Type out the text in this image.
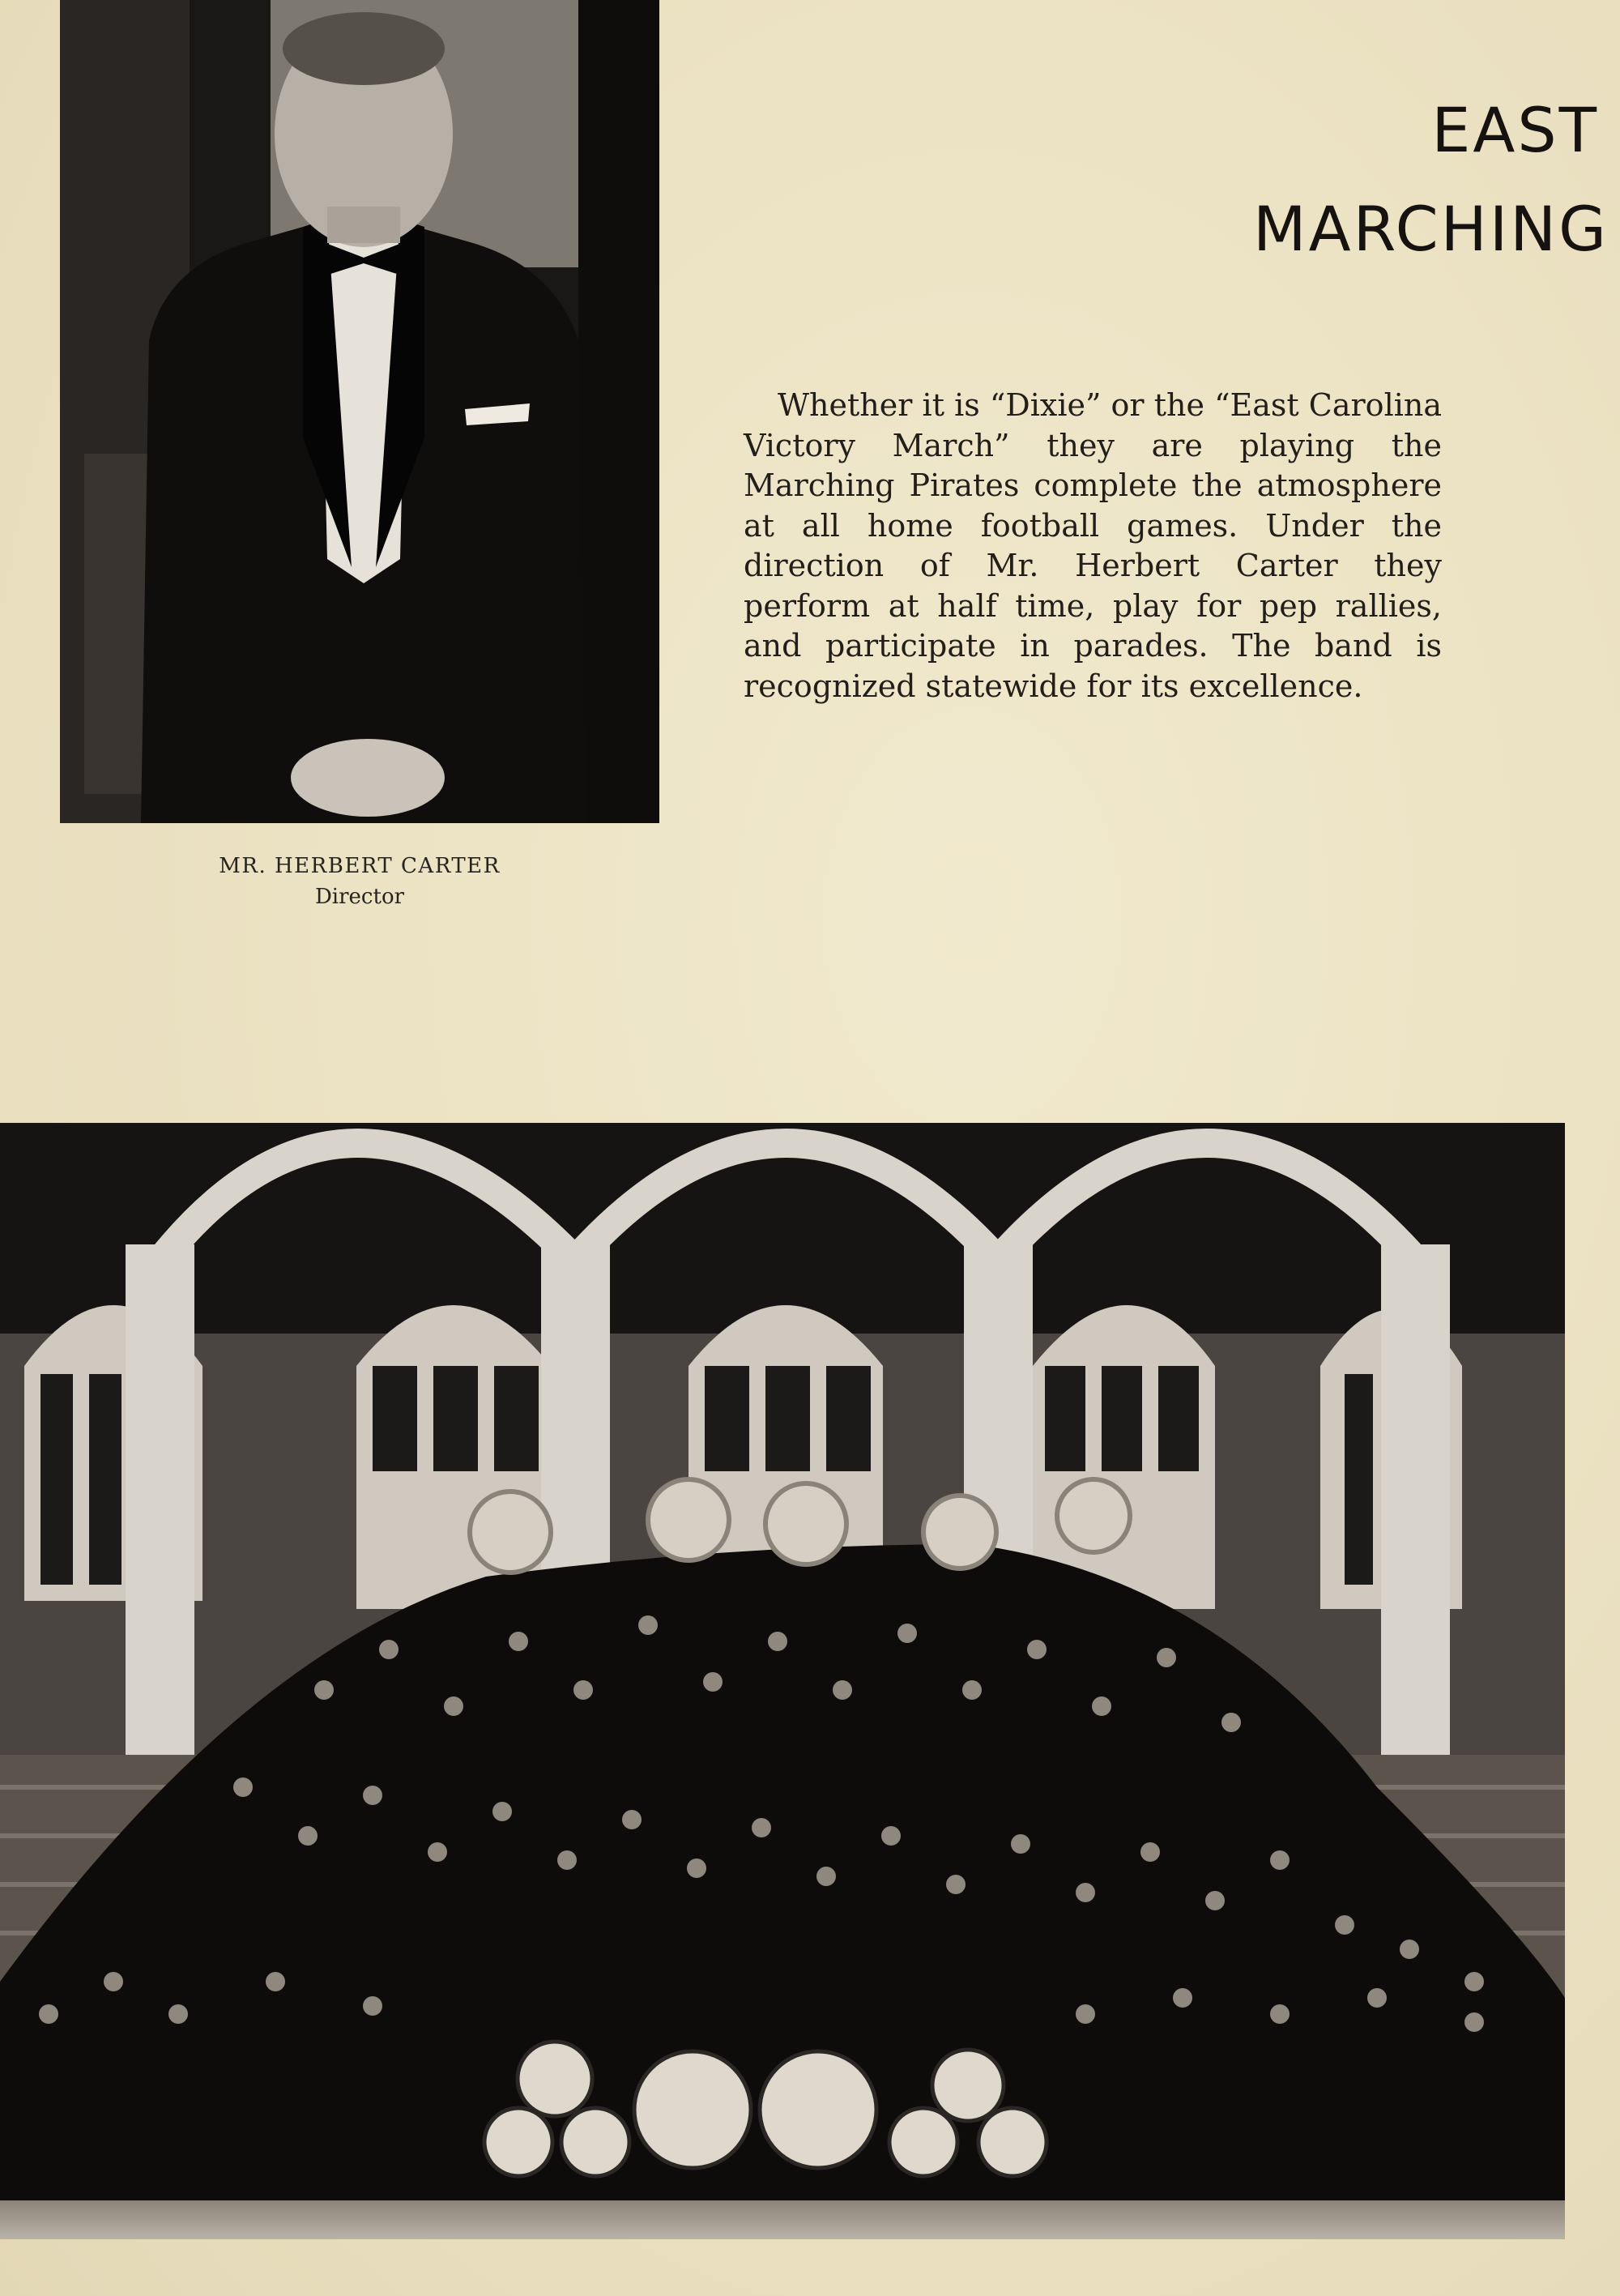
MR. HERBERT CARTER
Director
EAST
MARCHING

Whether it is “Dixie” or the “East Carolina Victory March” they are playing the Marching Pirates complete the atmosphere at all home football games. Under the direction of Mr. Herbert Carter they perform at half time, play for pep rallies, and participate in parades. The band is recognized statewide for its excellence.
